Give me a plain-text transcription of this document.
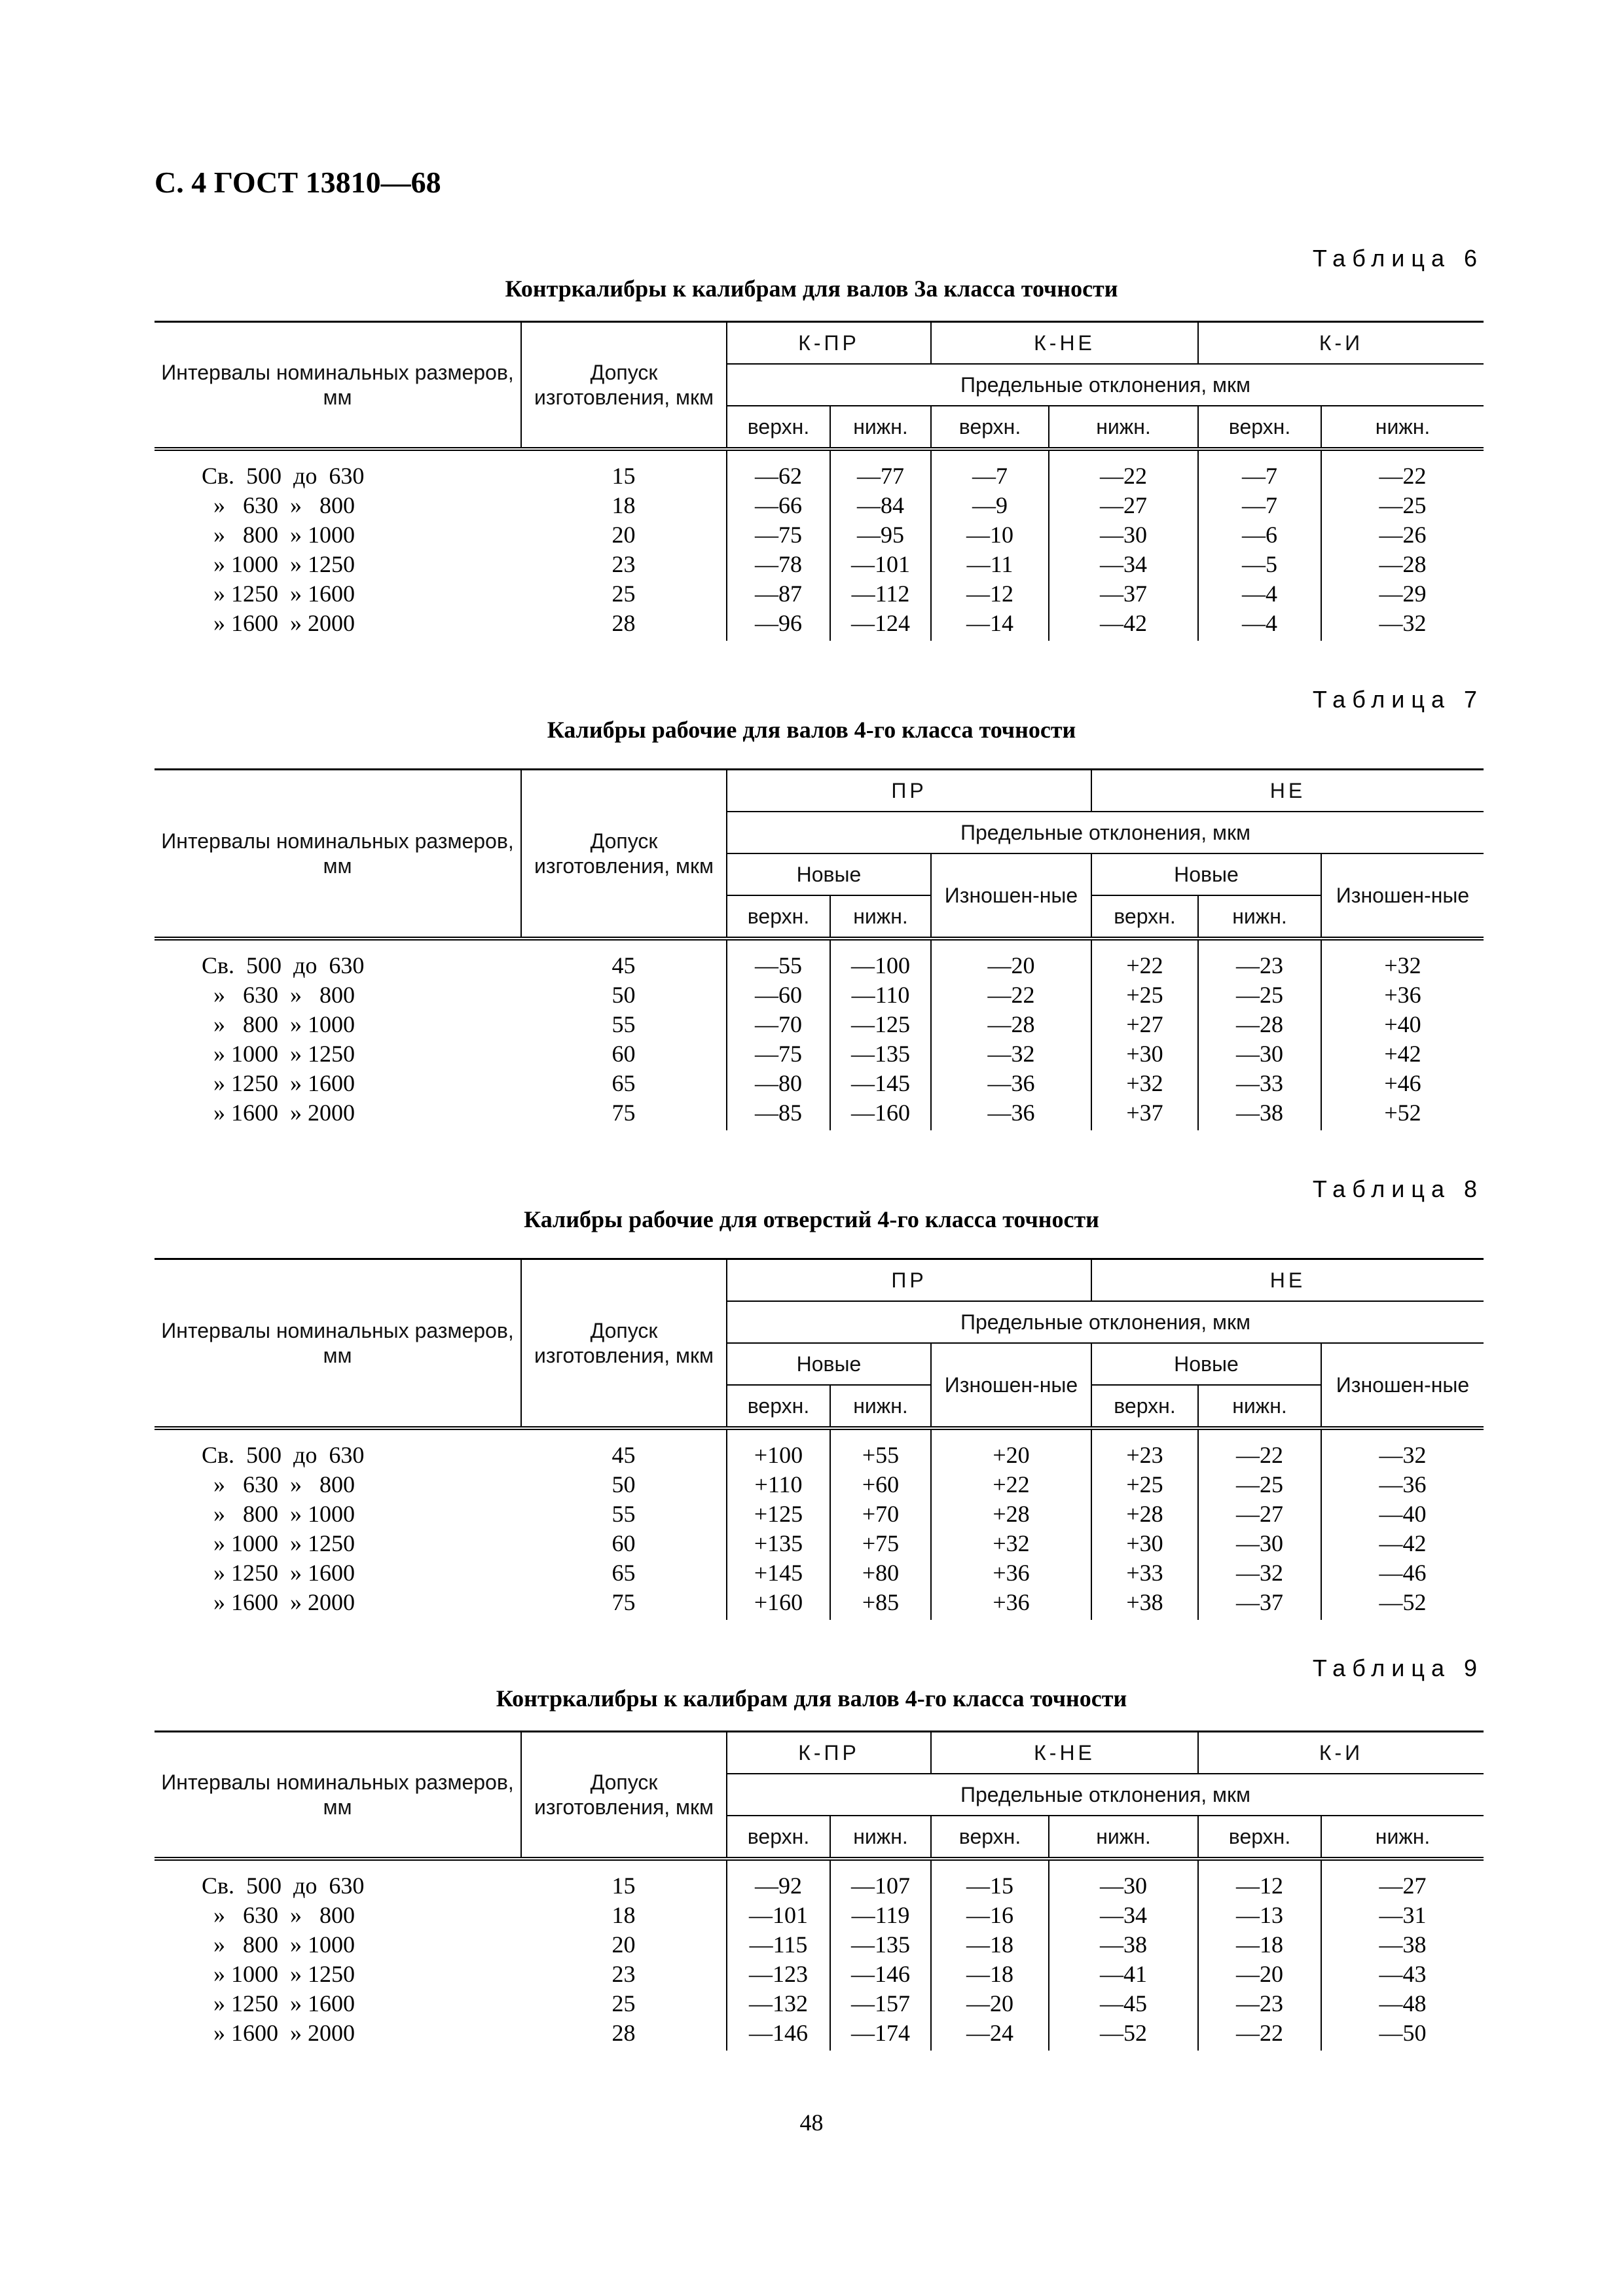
С. 4 ГОСТ 13810—68
Таблица 6
Контркалибры к калибрам для валов 3а класса точности
Интервалы номинальных размеров, мм	Допуск изготовления, мкм	К-ПР		К-НЕ		К-И	
		Предельные отклонения, мкм					
		верхн.	нижн.	верхн.	нижн.	верхн.	нижн.
Св.  500  до  630	15	—62	—77	—7	—22	—7	—22
»   630  »   800	18	—66	—84	—9	—27	—7	—25
»   800  » 1000	20	—75	—95	—10	—30	—6	—26
» 1000  » 1250	23	—78	—101	—11	—34	—5	—28
» 1250  » 1600	25	—87	—112	—12	—37	—4	—29
» 1600  » 2000	28	—96	—124	—14	—42	—4	—32
Таблица 7
Калибры рабочие для валов 4-го класса точности
Интервалы номинальных размеров, мм	Допуск изготовления, мкм	ПР			НЕ		
		Предельные отклонения, мкм					
		Новые		Изношен-ные	Новые		Изношен-ные
		верхн.	нижн.		верхн.	нижн.	
Св.  500  до  630	45	—55	—100	—20	+22	—23	+32
»   630  »   800	50	—60	—110	—22	+25	—25	+36
»   800  » 1000	55	—70	—125	—28	+27	—28	+40
» 1000  » 1250	60	—75	—135	—32	+30	—30	+42
» 1250  » 1600	65	—80	—145	—36	+32	—33	+46
» 1600  » 2000	75	—85	—160	—36	+37	—38	+52
Таблица 8
Калибры рабочие для отверстий 4-го класса точности
Интервалы номинальных размеров, мм	Допуск изготовления, мкм	ПР			НЕ		
		Предельные отклонения, мкм					
		Новые		Изношен-ные	Новые		Изношен-ные
		верхн.	нижн.		верхн.	нижн.	
Св.  500  до  630	45	+100	+55	+20	+23	—22	—32
»   630  »   800	50	+110	+60	+22	+25	—25	—36
»   800  » 1000	55	+125	+70	+28	+28	—27	—40
» 1000  » 1250	60	+135	+75	+32	+30	—30	—42
» 1250  » 1600	65	+145	+80	+36	+33	—32	—46
» 1600  » 2000	75	+160	+85	+36	+38	—37	—52
Таблица 9
Контркалибры к калибрам для валов 4-го класса точности
Интервалы номинальных размеров, мм	Допуск изготовления, мкм	К-ПР		К-НЕ		К-И	
		Предельные отклонения, мкм					
		верхн.	нижн.	верхн.	нижн.	верхн.	нижн.
Св.  500  до  630	15	—92	—107	—15	—30	—12	—27
»   630  »   800	18	—101	—119	—16	—34	—13	—31
»   800  » 1000	20	—115	—135	—18	—38	—18	—38
» 1000  » 1250	23	—123	—146	—18	—41	—20	—43
» 1250  » 1600	25	—132	—157	—20	—45	—23	—48
» 1600  » 2000	28	—146	—174	—24	—52	—22	—50
48
